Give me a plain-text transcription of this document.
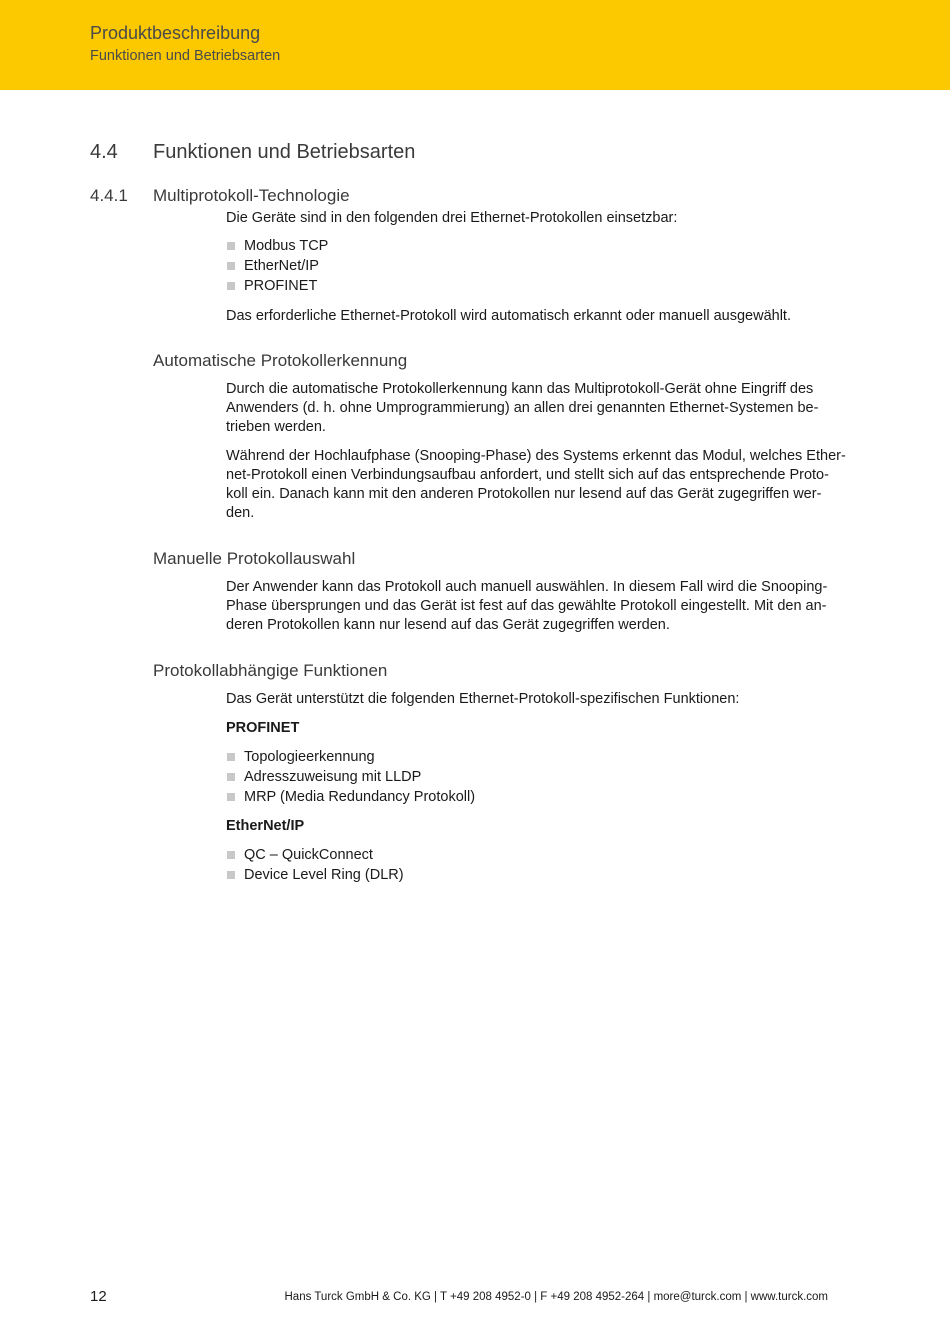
Produktbeschreibung
Funktionen und Betriebsarten
4.4 Funktionen und Betriebsarten
4.4.1 Multiprotokoll-Technologie
Die Geräte sind in den folgenden drei Ethernet-Protokollen einsetzbar:
Modbus TCP
EtherNet/IP
PROFINET
Das erforderliche Ethernet-Protokoll wird automatisch erkannt oder manuell ausgewählt.
Automatische Protokollerkennung
Durch die automatische Protokollerkennung kann das Multiprotokoll-Gerät ohne Eingriff des
Anwenders (d. h. ohne Umprogrammierung) an allen drei genannten Ethernet-Systemen be-
trieben werden.
Während der Hochlaufphase (Snooping-Phase) des Systems erkennt das Modul, welches Ether-
net-Protokoll einen Verbindungsaufbau anfordert, und stellt sich auf das entsprechende Proto-
koll ein. Danach kann mit den anderen Protokollen nur lesend auf das Gerät zugegriffen wer-
den.
Manuelle Protokollauswahl
Der Anwender kann das Protokoll auch manuell auswählen. In diesem Fall wird die Snooping-
Phase übersprungen und das Gerät ist fest auf das gewählte Protokoll eingestellt. Mit den an-
deren Protokollen kann nur lesend auf das Gerät zugegriffen werden.
Protokollabhängige Funktionen
Das Gerät unterstützt die folgenden Ethernet-Protokoll-spezifischen Funktionen:
PROFINET
Topologieerkennung
Adresszuweisung mit LLDP
MRP (Media Redundancy Protokoll)
EtherNet/IP
QC – QuickConnect
Device Level Ring (DLR)
12	Hans Turck GmbH & Co. KG | T +49 208 4952-0 | F +49 208 4952-264 | more@turck.com | www.turck.com
